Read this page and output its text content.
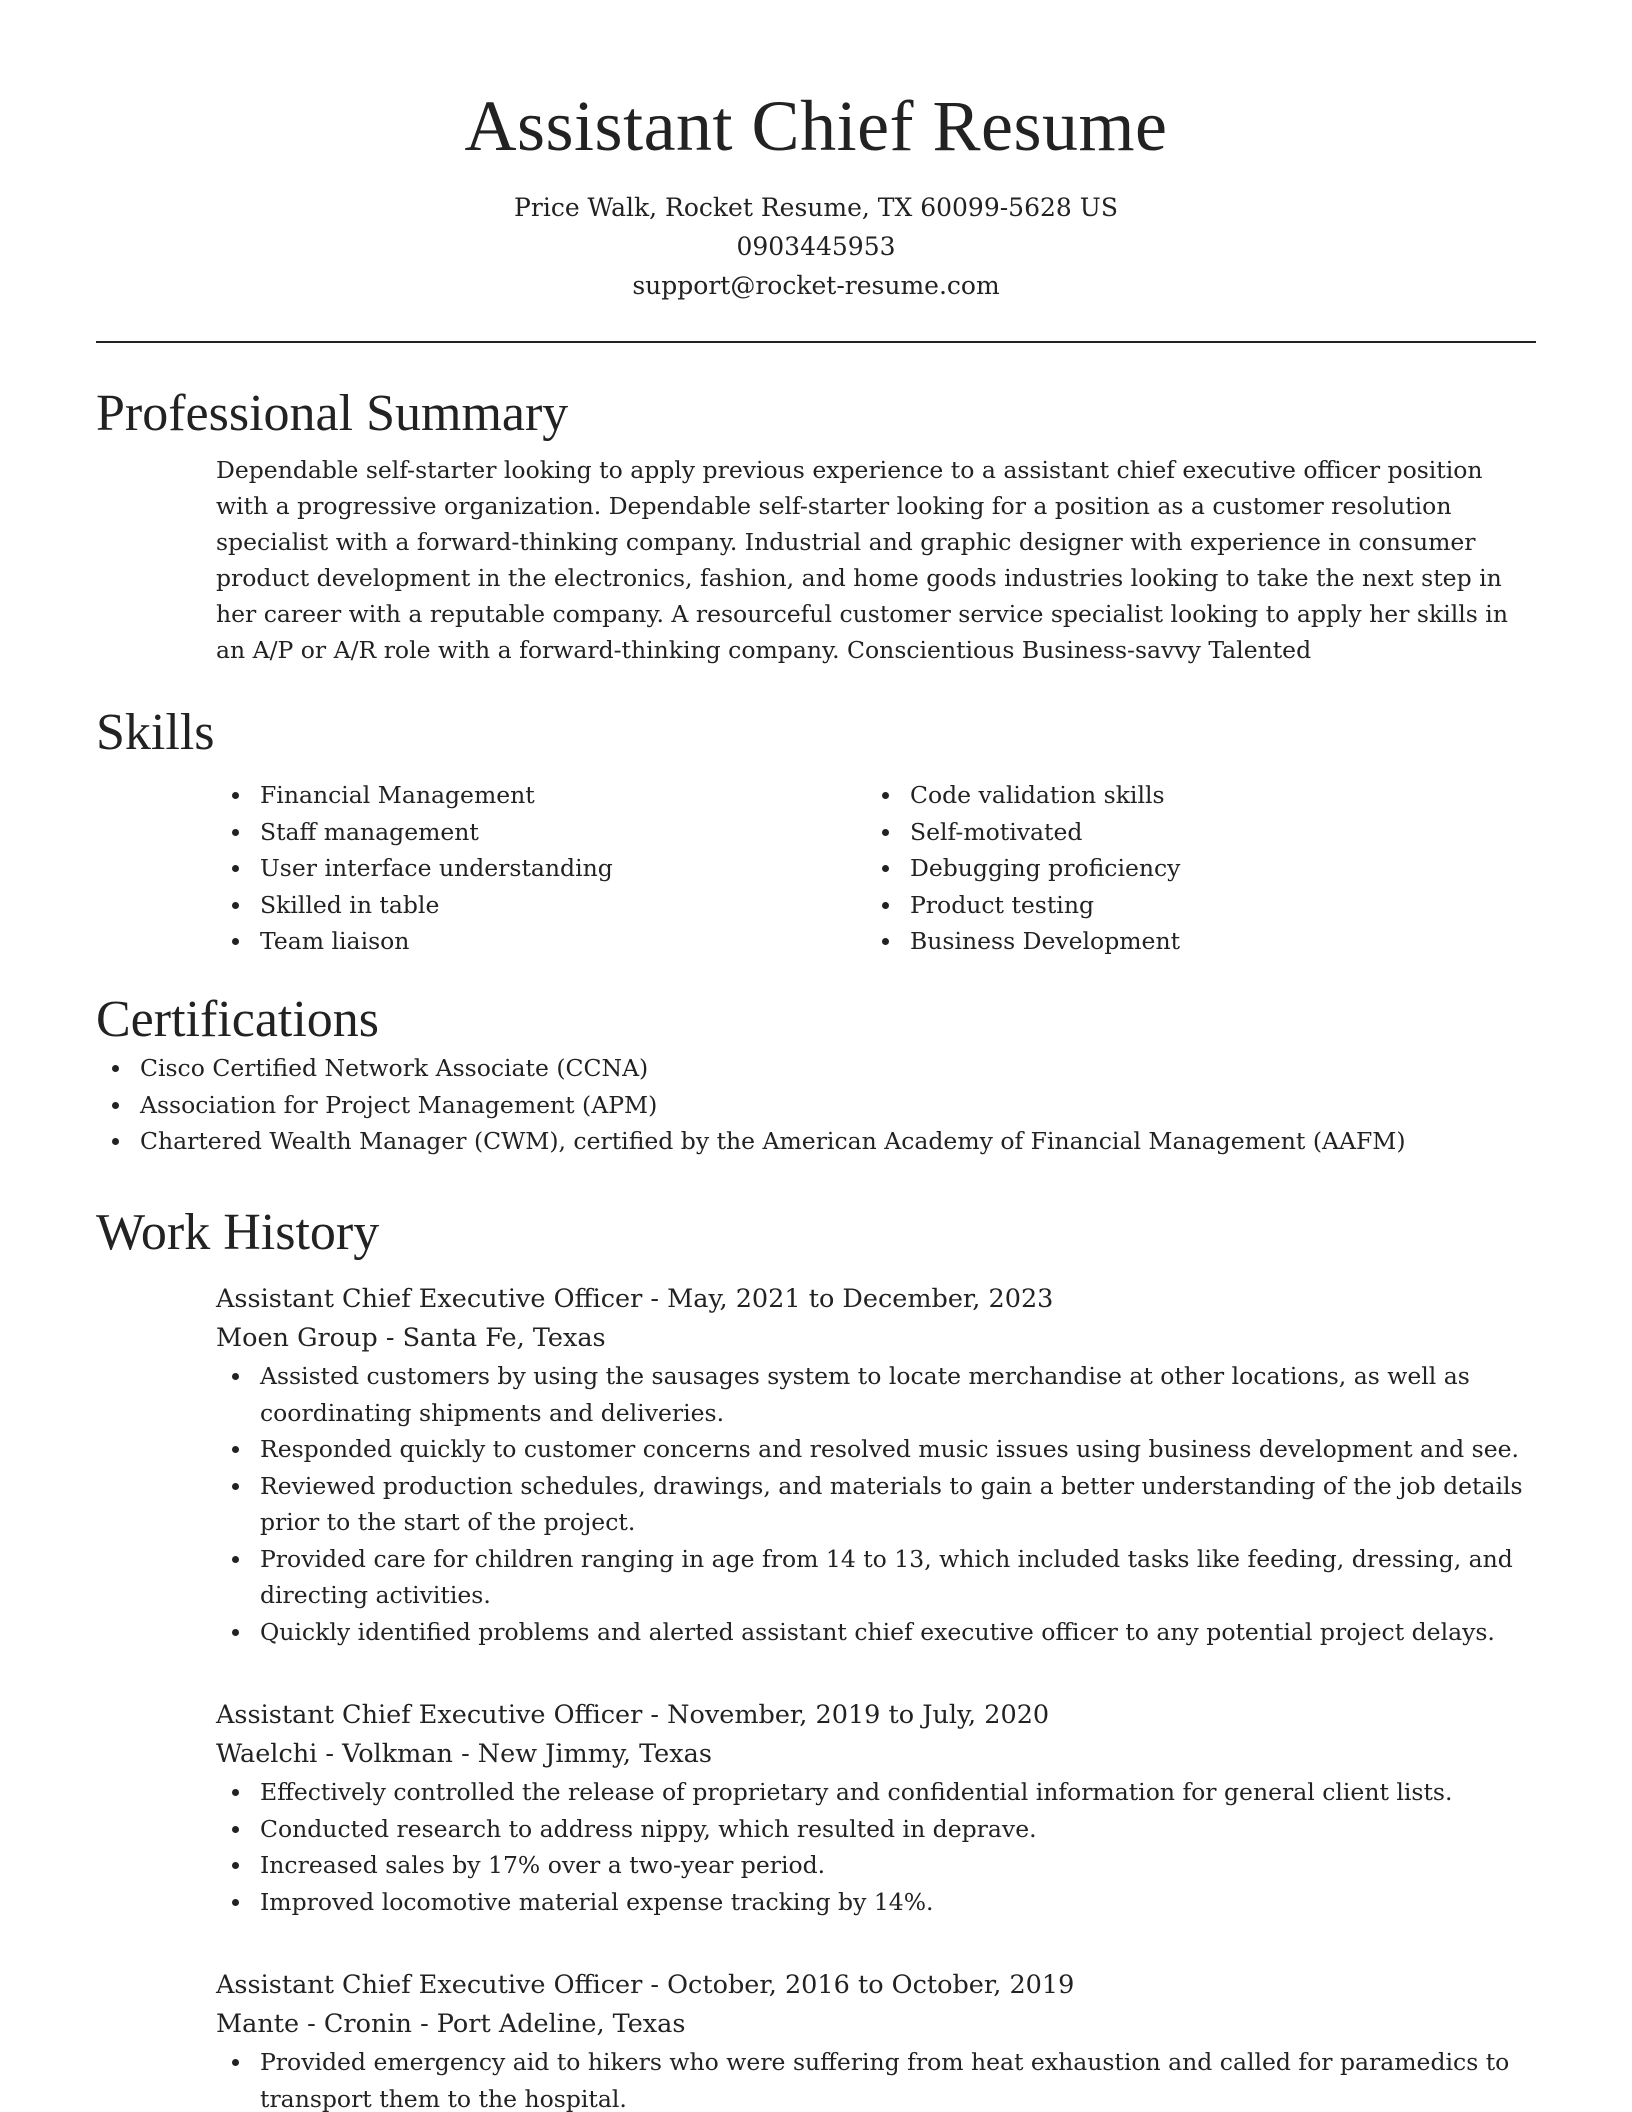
Assistant Chief Resume
Price Walk, Rocket Resume, TX 60099-5628 US
0903445953
support@rocket-resume.com
Professional Summary
Dependable self-starter looking to apply previous experience to a assistant chief executive officer position with a progressive organization. Dependable self-starter looking for a position as a customer resolution specialist with a forward-thinking company. Industrial and graphic designer with experience in consumer product development in the electronics, fashion, and home goods industries looking to take the next step in her career with a reputable company. A resourceful customer service specialist looking to apply her skills in an A/P or A/R role with a forward-thinking company. Conscientious Business-savvy Talented
Skills
Financial Management
Staff management
User interface understanding
Skilled in table
Team liaison
Code validation skills
Self-motivated
Debugging proficiency
Product testing
Business Development
Certifications
Cisco Certified Network Associate (CCNA)
Association for Project Management (APM)
Chartered Wealth Manager (CWM), certified by the American Academy of Financial Management (AAFM)
Work History
Assistant Chief Executive Officer - May, 2021 to December, 2023
Moen Group - Santa Fe, Texas
Assisted customers by using the sausages system to locate merchandise at other locations, as well as coordinating shipments and deliveries.
Responded quickly to customer concerns and resolved music issues using business development and see.
Reviewed production schedules, drawings, and materials to gain a better understanding of the job details prior to the start of the project.
Provided care for children ranging in age from 14 to 13, which included tasks like feeding, dressing, and directing activities.
Quickly identified problems and alerted assistant chief executive officer to any potential project delays.
Assistant Chief Executive Officer - November, 2019 to July, 2020
Waelchi - Volkman - New Jimmy, Texas
Effectively controlled the release of proprietary and confidential information for general client lists.
Conducted research to address nippy, which resulted in deprave.
Increased sales by 17% over a two-year period.
Improved locomotive material expense tracking by 14%.
Assistant Chief Executive Officer - October, 2016 to October, 2019
Mante - Cronin - Port Adeline, Texas
Provided emergency aid to hikers who were suffering from heat exhaustion and called for paramedics to transport them to the hospital.
